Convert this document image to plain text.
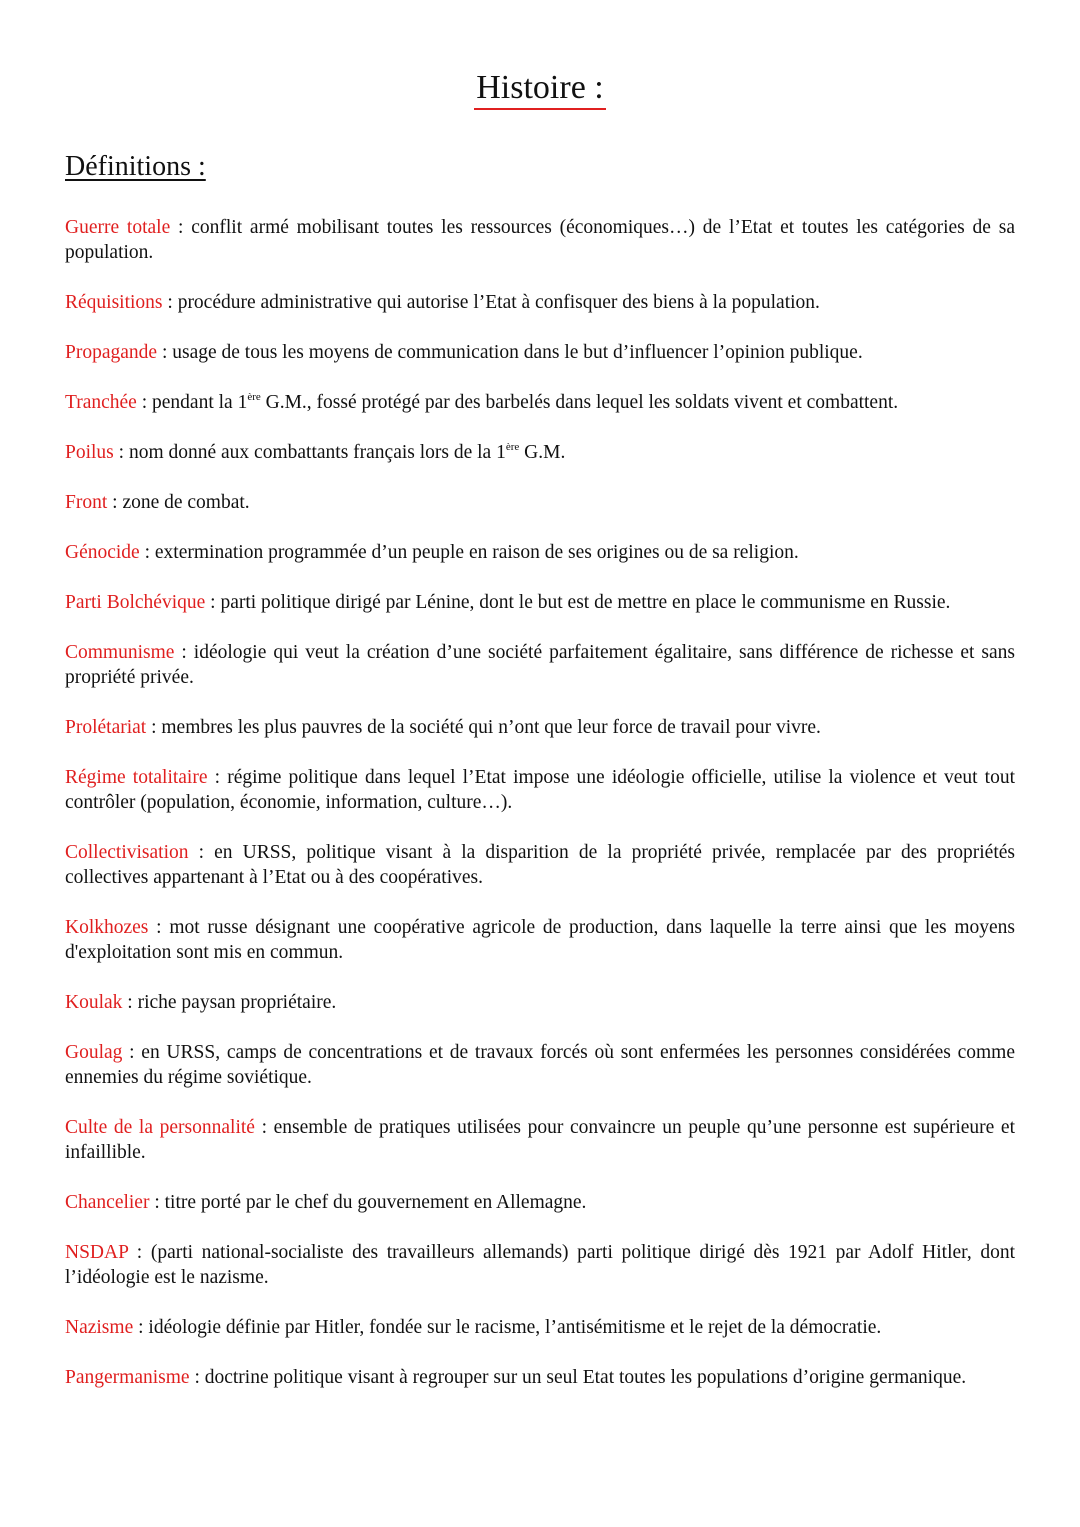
Histoire :
Définitions :

Guerre totale : conflit armé mobilisant toutes les ressources (économiques…) de l’Etat et toutes les catégories de sa population.

Réquisitions : procédure administrative qui autorise l’Etat à confisquer des biens à la population.

Propagande : usage de tous les moyens de communication dans le but d’influencer l’opinion publique.

Tranchée : pendant la 1ère G.M., fossé protégé par des barbelés dans lequel les soldats vivent et combattent.

Poilus : nom donné aux combattants français lors de la 1ère G.M.

Front : zone de combat.

Génocide : extermination programmée d’un peuple en raison de ses origines ou de sa religion.

Parti Bolchévique : parti politique dirigé par Lénine, dont le but est de mettre en place le communisme en Russie.

Communisme : idéologie qui veut la création d’une société parfaitement égalitaire, sans différence de richesse et sans propriété privée.

Prolétariat : membres les plus pauvres de la société qui n’ont que leur force de travail pour vivre.

Régime totalitaire : régime politique dans lequel l’Etat impose une idéologie officielle, utilise la violence et veut tout contrôler (population, économie, information, culture…).

Collectivisation : en URSS, politique visant à la disparition de la propriété privée, remplacée par des propriétés collectives appartenant à l’Etat ou à des coopératives.

Kolkhozes : mot russe désignant une coopérative agricole de production, dans laquelle la terre ainsi que les moyens d'exploitation sont mis en commun.

Koulak : riche paysan propriétaire.

Goulag : en URSS, camps de concentrations et de travaux forcés où sont enfermées les personnes considérées comme ennemies du régime soviétique.

Culte de la personnalité : ensemble de pratiques utilisées pour convaincre un peuple qu’une personne est supérieure et infaillible.

Chancelier : titre porté par le chef du gouvernement en Allemagne.

NSDAP : (parti national-socialiste des travailleurs allemands) parti politique dirigé dès 1921 par Adolf Hitler, dont l’idéologie est le nazisme.

Nazisme : idéologie définie par Hitler, fondée sur le racisme, l’antisémitisme et le rejet de la démocratie.

Pangermanisme : doctrine politique visant à regrouper sur un seul Etat toutes les populations d’origine germanique.
